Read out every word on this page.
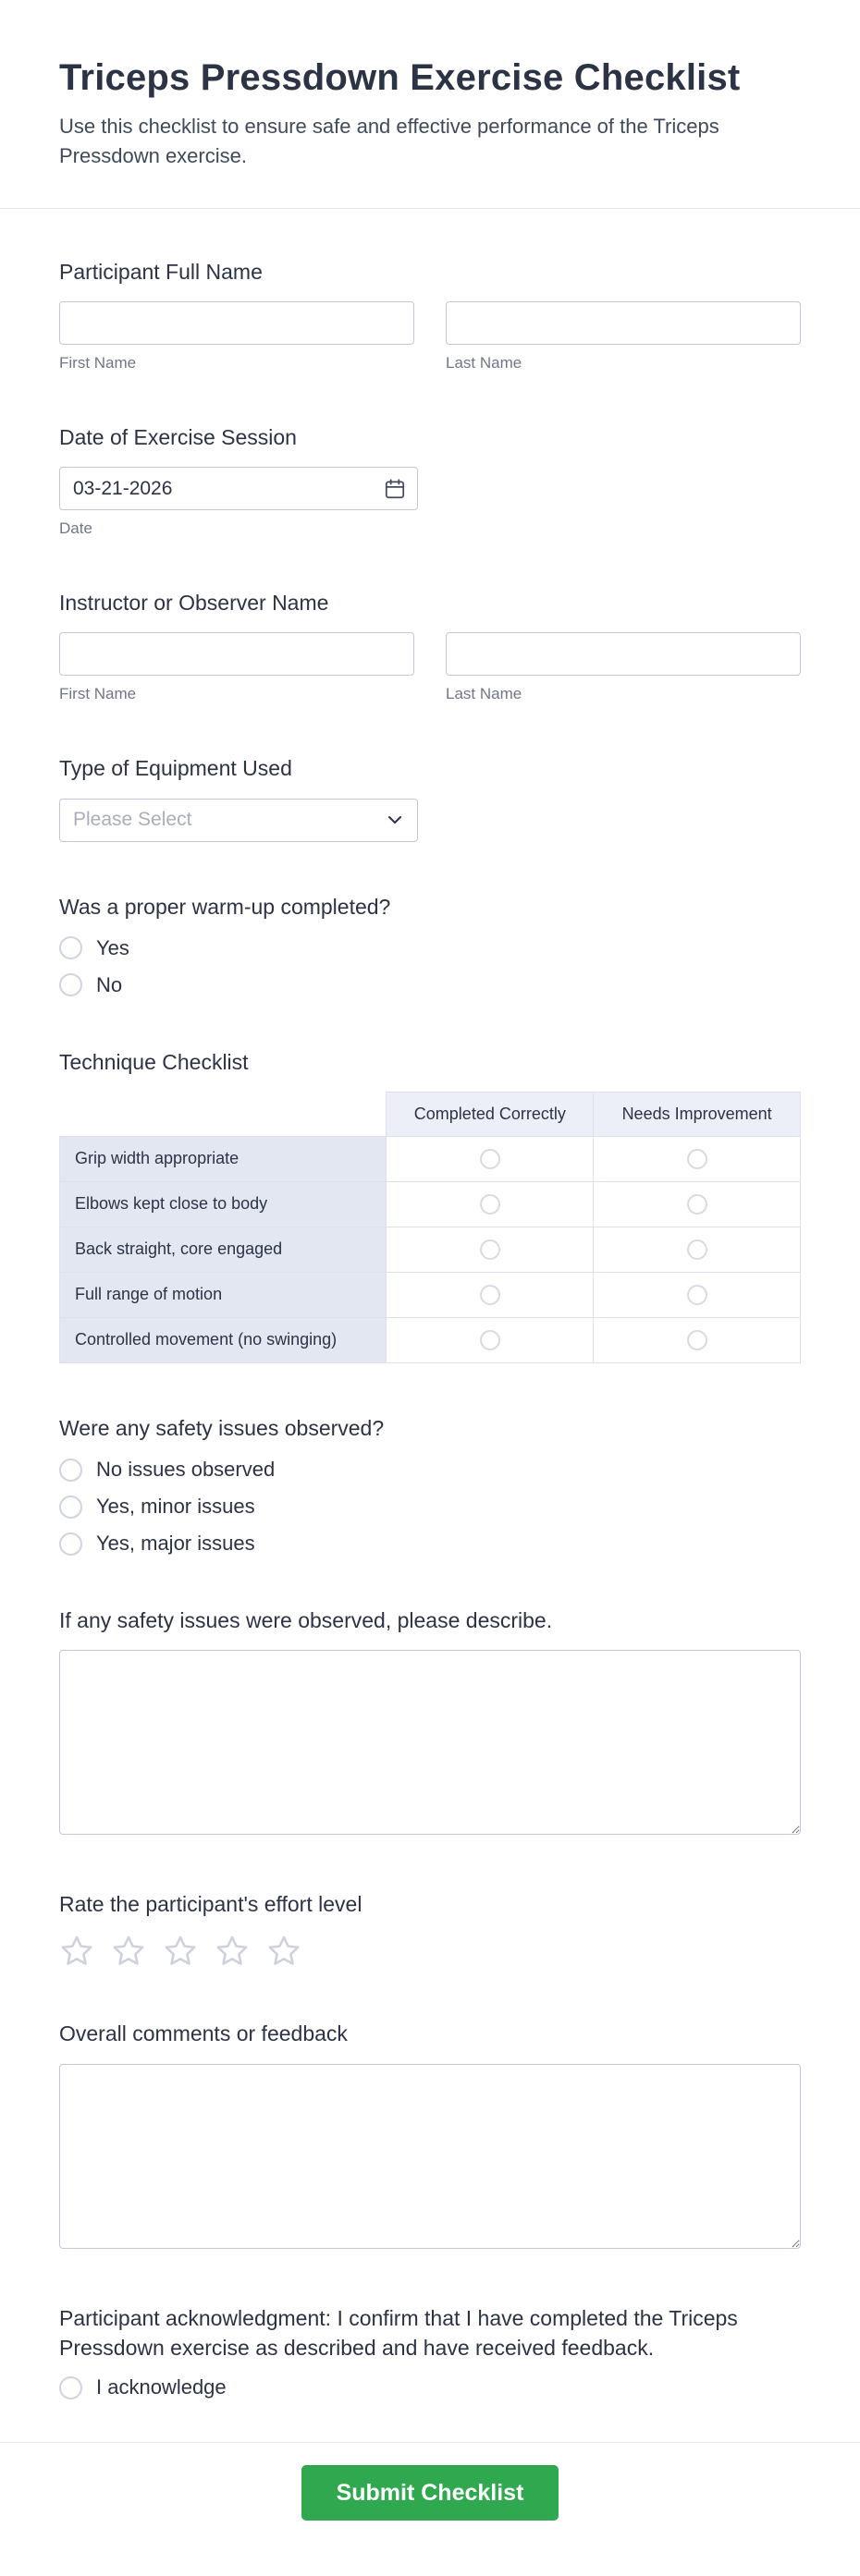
Triceps Pressdown Exercise Checklist
Use this checklist to ensure safe and effective performance of the Triceps Pressdown exercise.
Participant Full Name
First Name	Last Name
Date of Exercise Session
03-21-2026
Date
Instructor or Observer Name
First Name	Last Name
Type of Equipment Used
Please Select
Was a proper warm-up completed?
Yes
No
Technique Checklist
	Completed Correctly	Needs Improvement
Grip width appropriate		
Elbows kept close to body		
Back straight, core engaged		
Full range of motion		
Controlled movement (no swinging)		
Were any safety issues observed?
No issues observed
Yes, minor issues
Yes, major issues
If any safety issues were observed, please describe.
Rate the participant's effort level
Overall comments or feedback
Participant acknowledgment: I confirm that I have completed the Triceps Pressdown exercise as described and have received feedback.
I acknowledge
Submit Checklist
